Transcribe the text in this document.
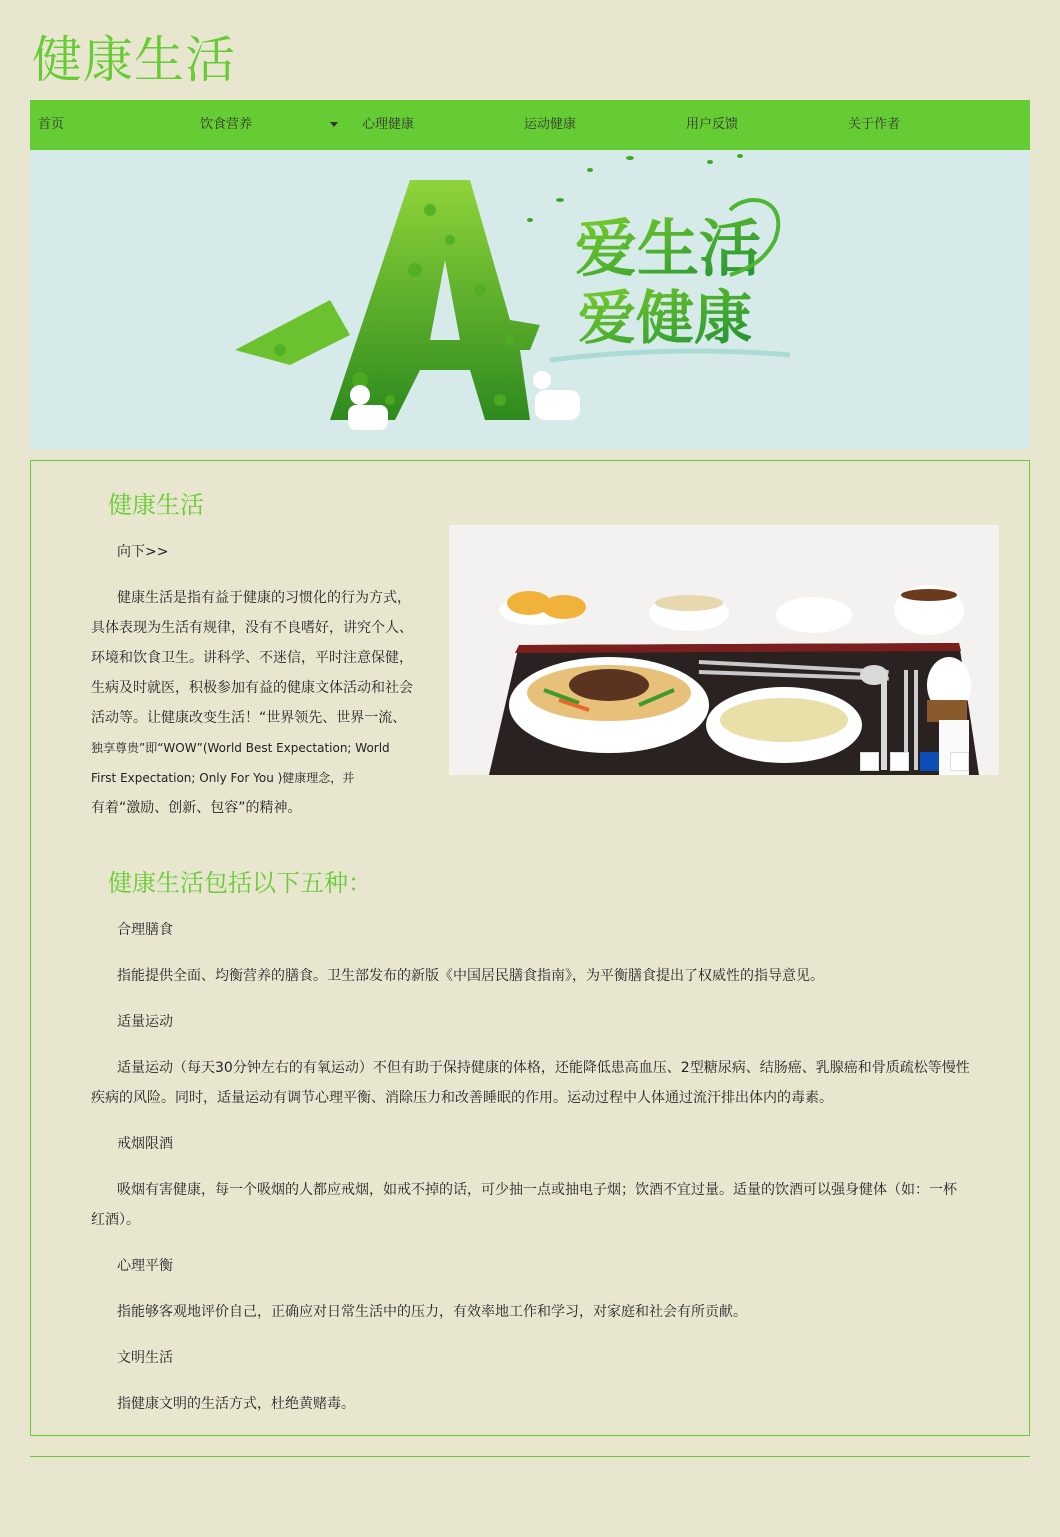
健康生活
首页	饮食营养	心理健康	运动健康	用户反馈	关于作者
爱生活
爱健康
健康生活

向下>>

健康生活是指有益于健康的习惯化的行为方式，

具体表现为生活有规律，没有不良嗜好，讲究个人、

环境和饮食卫生。讲科学、不迷信，平时注意保健，

生病及时就医，积极参加有益的健康文体活动和社会

活动等。让健康改变生活！“世界领先、世界一流、

独享尊贵”即“WOW”(World Best Expectation; World

First Expectation; Only For You )健康理念，并

有着“激励、创新、包容”的精神。

健康生活包括以下五种：

合理膳食

指能提供全面、均衡营养的膳食。卫生部发布的新版《中国居民膳食指南》，为平衡膳食提出了权威性的指导意见。

适量运动

适量运动（每天30分钟左右的有氧运动）不但有助于保持健康的体格，还能降低患高血压、2型糖尿病、结肠癌、乳腺癌和骨质疏松等慢性

疾病的风险。同时，适量运动有调节心理平衡、消除压力和改善睡眠的作用。运动过程中人体通过流汗排出体内的毒素。

戒烟限酒

吸烟有害健康，每一个吸烟的人都应戒烟，如戒不掉的话，可少抽一点或抽电子烟；饮酒不宜过量。适量的饮酒可以强身健体（如：一杯

红酒）。

心理平衡

指能够客观地评价自己，正确应对日常生活中的压力，有效率地工作和学习，对家庭和社会有所贡献。

文明生活

指健康文明的生活方式，杜绝黄赌毒。
